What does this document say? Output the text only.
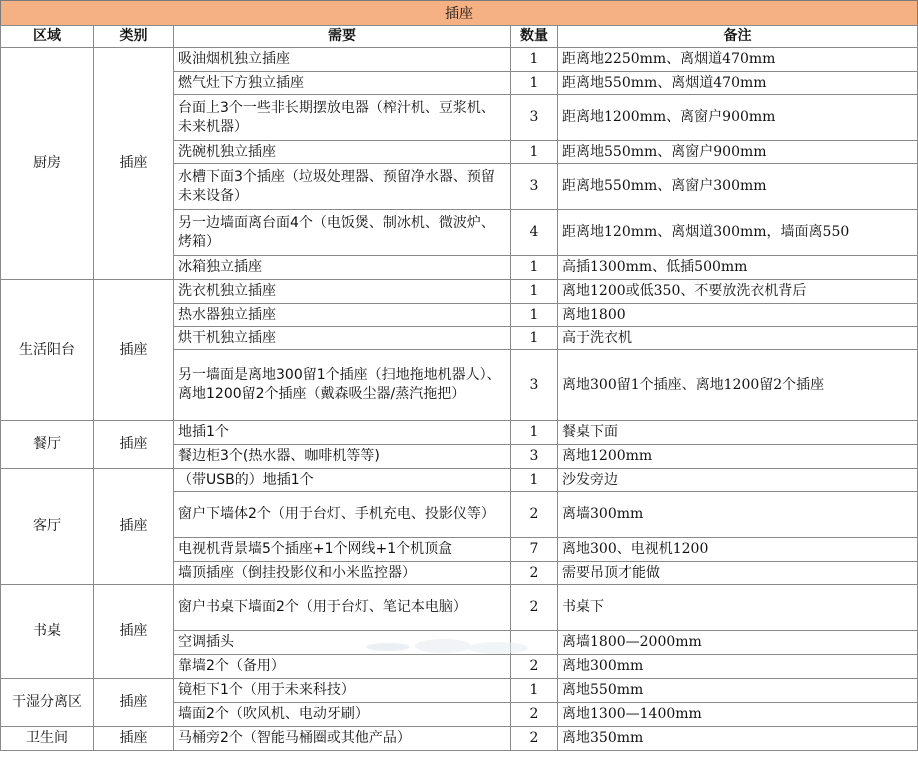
插座
区域	类别	需要	数量	备注
厨房	插座	吸油烟机独立插座	1	距离地2250mm、离烟道470mm
		燃气灶下方独立插座	1	距离地550mm、离烟道470mm
		台面上3个一些非长期摆放电器（榨汁机、豆浆机、未来机器）	3	距离地1200mm、离窗户900mm
		洗碗机独立插座	1	距离地550mm、离窗户900mm
		水槽下面3个插座（垃圾处理器、预留净水器、预留未来设备）	3	距离地550mm、离窗户300mm
		另一边墙面离台面4个（电饭煲、制冰机、微波炉、烤箱）	4	距离地120mm、离烟道300mm，墙面离550
		冰箱独立插座	1	高插1300mm、低插500mm
生活阳台	插座	洗衣机独立插座	1	离地1200或低350、不要放洗衣机背后
		热水器独立插座	1	离地1800
		烘干机独立插座	1	高于洗衣机
		另一墙面是离地300留1个插座（扫地拖地机器人）、离地1200留2个插座（戴森吸尘器/蒸汽拖把）	3	离地300留1个插座、离地1200留2个插座
餐厅	插座	地插1个	1	餐桌下面
		餐边柜3个(热水器、咖啡机等等)	3	离地1200mm
客厅	插座	（带USB的）地插1个	1	沙发旁边
		窗户下墙体2个（用于台灯、手机充电、投影仪等）	2	离墙300mm
		电视机背景墙5个插座+1个网线+1个机顶盒	7	离地300、电视机1200
		墙顶插座（倒挂投影仪和小米监控器）	2	需要吊顶才能做
书桌	插座	窗户书桌下墙面2个（用于台灯、笔记本电脑）	2	书桌下
		空调插头		离墙1800—2000mm
		靠墙2个（备用）	2	离地300mm
干湿分离区	插座	镜柜下1个（用于未来科技）	1	离地550mm
		墙面2个（吹风机、电动牙刷）	2	离地1300—1400mm
卫生间	插座	马桶旁2个（智能马桶圈或其他产品）	2	离地350mm
